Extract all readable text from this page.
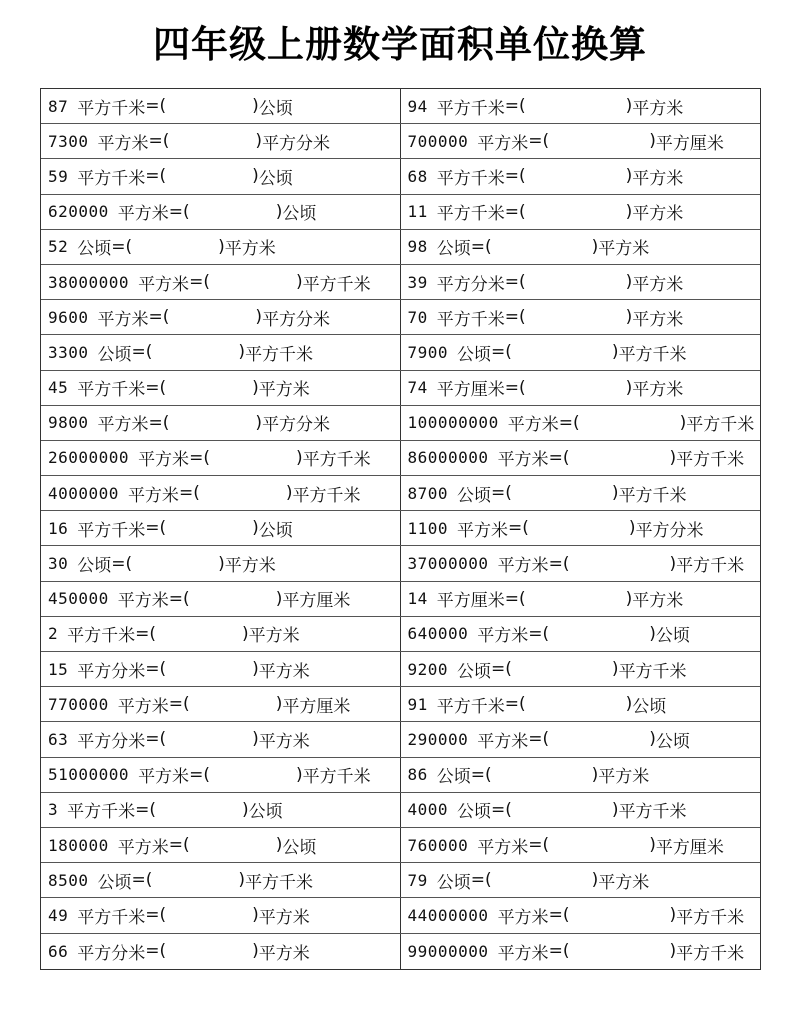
四年级上册数学面积单位换算
87 平方千米 = (	) 公顷	94 平方千米 = (	) 平方米
7300 平方米 = (	) 平方分米	700000 平方米 = (	) 平方厘米
59 平方千米 = (	) 公顷	68 平方千米 = (	) 平方米
620000 平方米 = (	) 公顷	11 平方千米 = (	) 平方米
52 公顷 = (	) 平方米	98 公顷 = (	) 平方米
38000000 平方米 = (	) 平方千米 39 平方分米 = (	) 平方米
9600 平方米 = (	) 平方分米	70 平方千米 = (	) 平方米
3300 公顷 = (	) 平方千米	7900 公顷 = (	) 平方千米
45 平方千米 = (	) 平方米	74 平方厘米 = (	) 平方米
9800 平方米 = (	) 平方分米	100000000 平方米 = (	) 平方千米
26000000 平方米 = (	) 平方千米 86000000 平方米 = (	) 平方千米
4000000 平方米 = (	) 平方千米	8700 公顷 = (	) 平方千米
16 平方千米 = (	) 公顷	1100 平方米 = (	) 平方分米
30 公顷 = (	) 平方米	37000000 平方米 = (	) 平方千米
450000 平方米 = (	) 平方厘米	14 平方厘米 = (	) 平方米
2 平方千米 = (	) 平方米	640000 平方米 = (	) 公顷
15 平方分米 = (	) 平方米	9200 公顷 = (	) 平方千米
770000 平方米 = (	) 平方厘米	91 平方千米 = (	) 公顷
63 平方分米 = (	) 平方米	290000 平方米 = (	) 公顷
51000000 平方米 = (	) 平方千米 86 公顷 = (	) 平方米
3 平方千米 = (	) 公顷	4000 公顷 = (	) 平方千米
180000 平方米 = (	) 公顷	760000 平方米 = (	) 平方厘米
8500 公顷 = (	) 平方千米	79 公顷 = (	) 平方米
49 平方千米 = (	) 平方米	44000000 平方米 = (	) 平方千米
66 平方分米 = (	) 平方米	99000000 平方米 = (	) 平方千米
